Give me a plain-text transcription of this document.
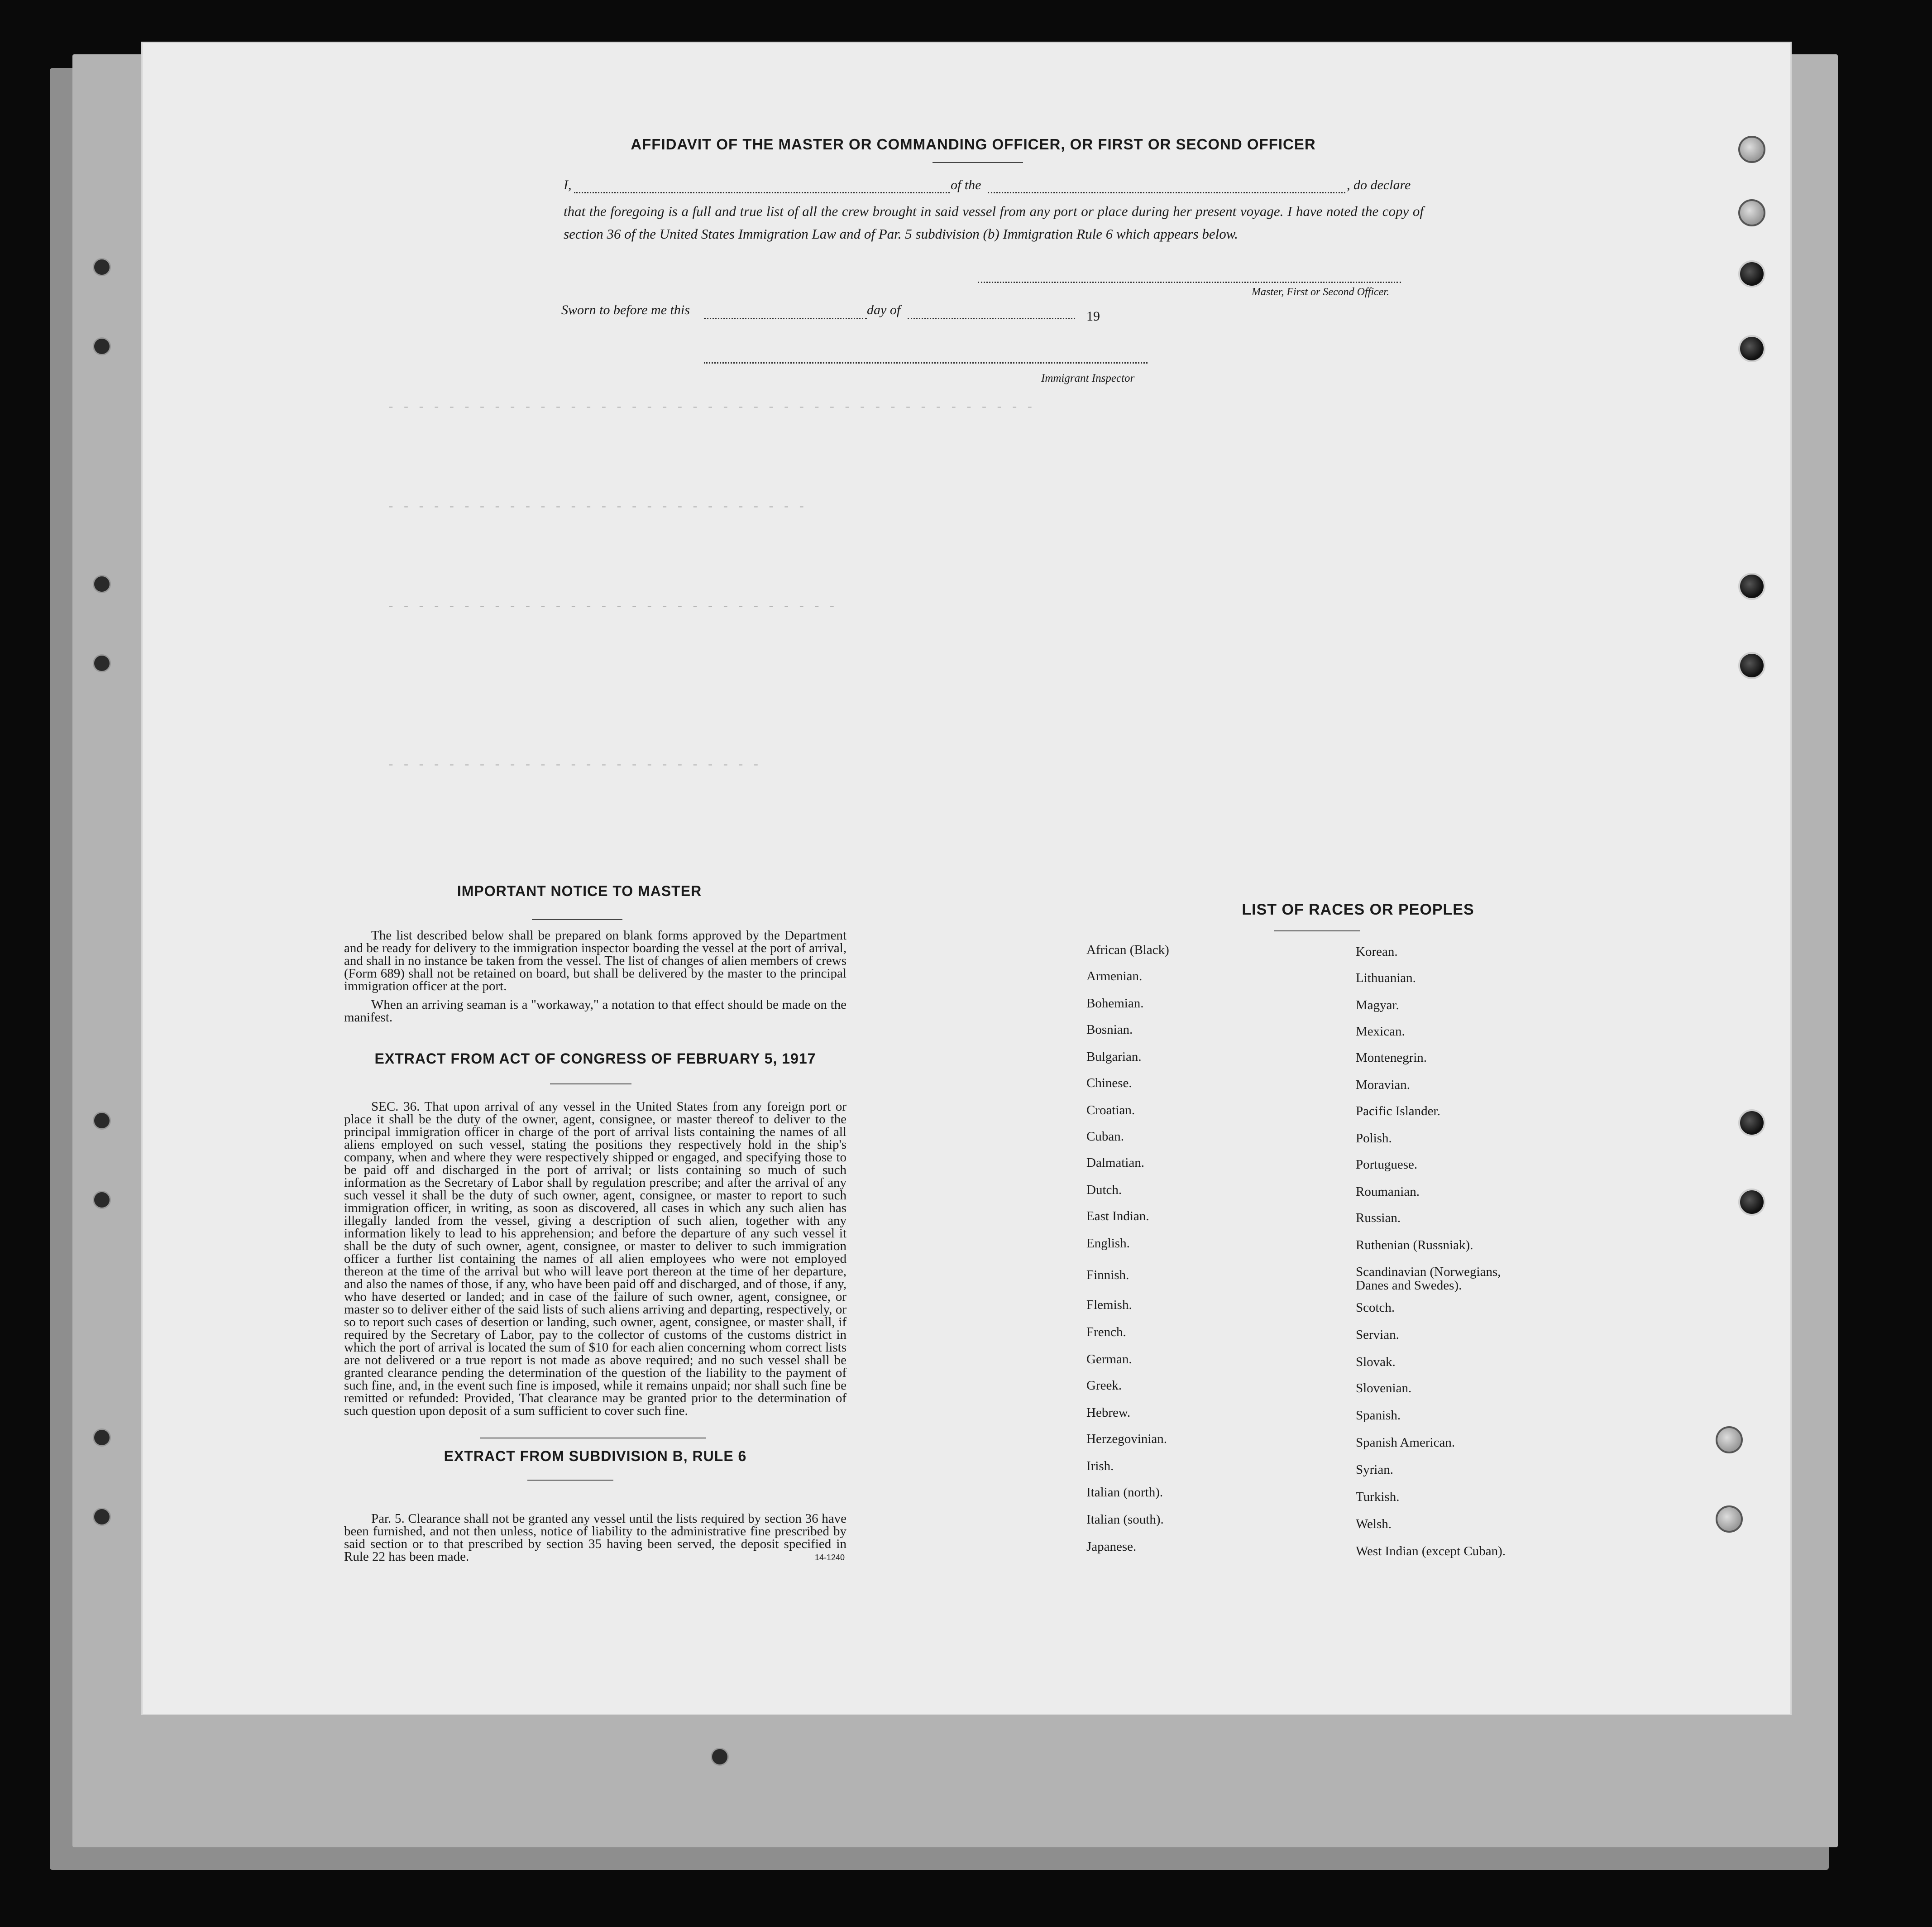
- - - - - - - - - - - - - - - - - - - - - - - - - - - - - - - - - - - - - - - - - - -
- - - - - - - - - - - - - - - - - - - - - - - - - - - -
- - - - - - - - - - - - - - - - - - - - - - - - - - - - - -
- - - - - - - - - - - - - - - - - - - - - - - - -
AFFIDAVIT OF THE MASTER OR COMMANDING OFFICER, OR FIRST OR SECOND OFFICER
I,	of the	, do declare
that the foregoing is a full and true list of all the crew brought in said vessel from any port or place during her present voyage. I have noted the copy of section 36 of the United States Immigration Law and of Par. 5 subdivision (b) Immigration Rule 6 which appears below.
Master, First or Second Officer.
Sworn to before me this	day of	19
Immigrant Inspector
IMPORTANT NOTICE TO MASTER
The list described below shall be prepared on blank forms approved by the Department and be ready for delivery to the immigration inspector boarding the vessel at the port of arrival, and shall in no instance be taken from the vessel. The list of changes of alien members of crews (Form 689) shall not be retained on board, but shall be delivered by the master to the principal immigration officer at the port.
When an arriving seaman is a "workaway," a notation to that effect should be made on the manifest.
EXTRACT FROM ACT OF CONGRESS OF FEBRUARY 5, 1917
SEC. 36. That upon arrival of any vessel in the United States from any foreign port or place it shall be the duty of the owner, agent, consignee, or master thereof to deliver to the principal immigration officer in charge of the port of arrival lists containing the names of all aliens employed on such vessel, stating the positions they respectively hold in the ship's company, when and where they were respectively shipped or engaged, and specifying those to be paid off and discharged in the port of arrival; or lists containing so much of such information as the Secretary of Labor shall by regulation prescribe; and after the arrival of any such vessel it shall be the duty of such owner, agent, consignee, or master to report to such immigration officer, in writing, as soon as discovered, all cases in which any such alien has illegally landed from the vessel, giving a description of such alien, together with any information likely to lead to his apprehension; and before the departure of any such vessel it shall be the duty of such owner, agent, consignee, or master to deliver to such immigration officer a further list containing the names of all alien employees who were not employed thereon at the time of the arrival but who will leave port thereon at the time of her departure, and also the names of those, if any, who have been paid off and discharged, and of those, if any, who have deserted or landed; and in case of the failure of such owner, agent, consignee, or master so to deliver either of the said lists of such aliens arriving and departing, respectively, or so to report such cases of desertion or landing, such owner, agent, consignee, or master shall, if required by the Secretary of Labor, pay to the collector of customs of the customs district in which the port of arrival is located the sum of $10 for each alien concerning whom correct lists are not delivered or a true report is not made as above required; and no such vessel shall be granted clearance pending the determination of the question of the liability to the payment of such fine, and, in the event such fine is imposed, while it remains unpaid; nor shall such fine be remitted or refunded: Provided, That clearance may be granted prior to the determination of such question upon deposit of a sum sufficient to cover such fine.
EXTRACT FROM SUBDIVISION B, RULE 6
Par. 5. Clearance shall not be granted any vessel until the lists required by section 36 have been furnished, and not then unless, notice of liability to the administrative fine prescribed by said section or to that prescribed by section 35 having been served, the deposit specified in Rule 22 has been made.	14-1240
LIST OF RACES OR PEOPLES
African (Black)
Armenian.
Bohemian.
Bosnian.
Bulgarian.
Chinese.
Croatian.
Cuban.
Dalmatian.
Dutch.
East Indian.
English.
Finnish.
Flemish.
French.
German.
Greek.
Hebrew.
Herzegovinian.
Irish.
Italian (north).
Italian (south).
Japanese.
Korean.
Lithuanian.
Magyar.
Mexican.
Montenegrin.
Moravian.
Pacific Islander.
Polish.
Portuguese.
Roumanian.
Russian.
Ruthenian (Russniak).
Scandinavian (Norwegians, Danes and Swedes).
Scotch.
Servian.
Slovak.
Slovenian.
Spanish.
Spanish American.
Syrian.
Turkish.
Welsh.
West Indian (except Cuban).
